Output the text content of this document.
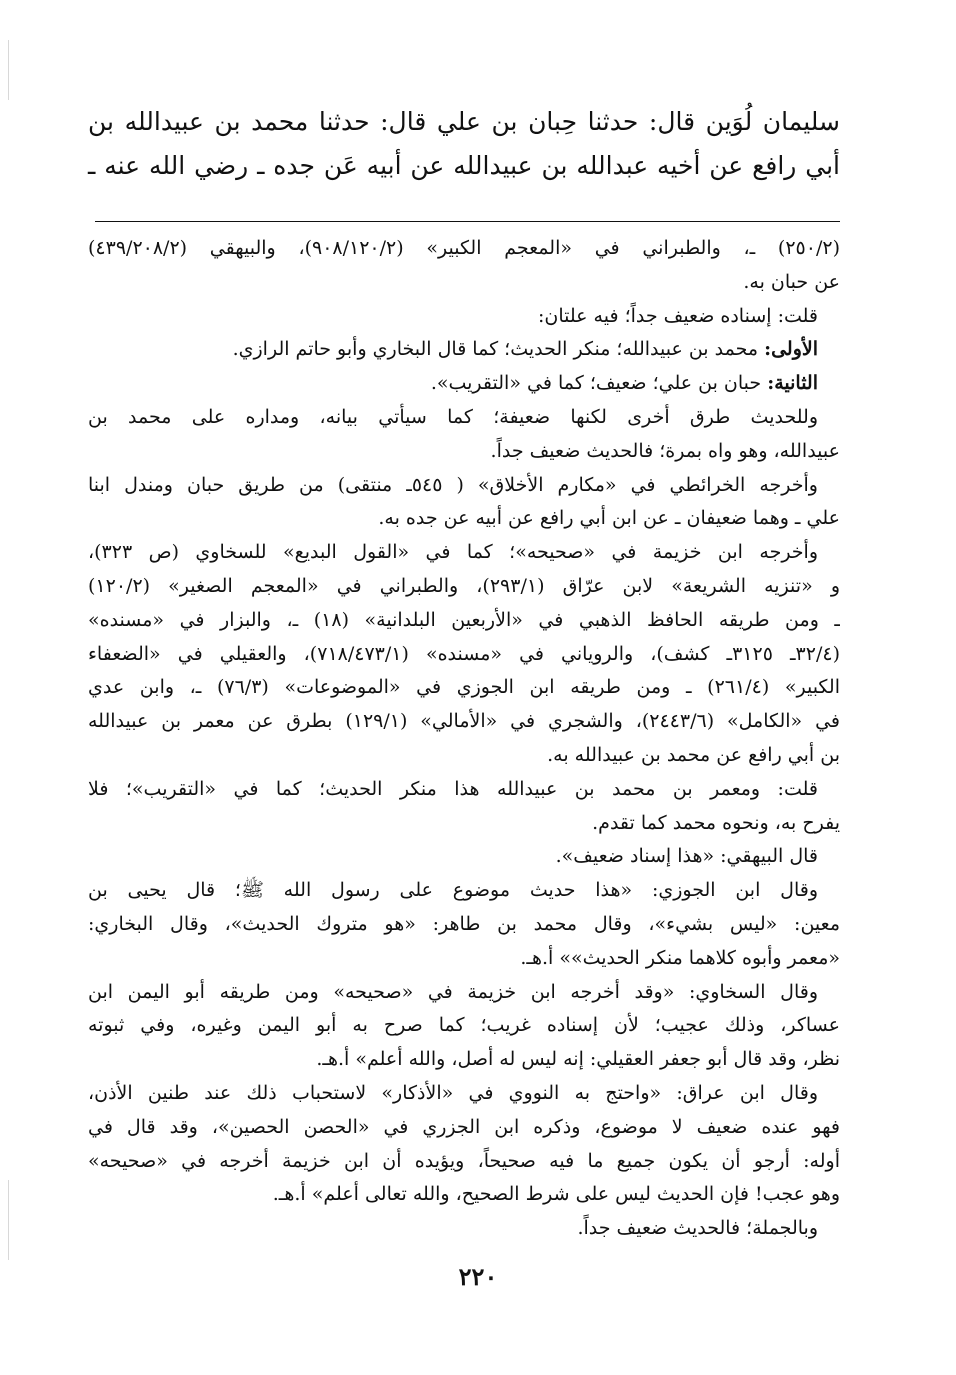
سليمان لُوَين قال: حدثنا حِبان بن علي قال: حدثنا محمد بن عبيدالله بن
أبي رافع عن أخيه عبدالله بن عبيدالله عن أبيه عَن جده ـ رضي الله عنه ـ
(٢٥٠/٢) ـ، والطبراني في «المعجم الكبير» (٩٠٨/١٢٠/٢)، والبيهقي (٤٣٩/٢٠٨/٢)
عن حبان به.
قلت: إسناده ضعيف جداً؛ فيه علتان:
الأولى: محمد بن عبيدالله؛ منكر الحديث؛ كما قال البخاري وأبو حاتم الرازي.
الثانية: حبان بن علي؛ ضعيف؛ كما في «التقريب».
وللحديث طرق أخرى لكنها ضعيفة؛ كما سيأتي بيانه، ومداره على محمد بن
عبيدالله، وهو واه بمرة؛ فالحديث ضعيف جداً.
وأخرجه الخرائطي في «مكارم الأخلاق» ( ٥٤٥ـ منتقى) من طريق حبان ومندل ابنا
علي ـ وهما ضعيفان ـ عن ابن أبي رافع عن أبيه عن جده به.
وأخرجه ابن خزيمة في «صحيحه»؛ كما في «القول البديع» للسخاوي (ص ٣٢٣)،
و «تنزيه الشريعة» لابن عرّاق (٢٩٣/١)، والطبراني في «المعجم الصغير» (١٢٠/٢)
ـ ومن طريقه الحافظ الذهبي في «الأربعين البلدانية» (١٨) ـ، والبزار في «مسنده»
(٣٢/٤ـ ٣١٢٥ـ كشف)، والروياني في «مسنده» (٧١٨/٤٧٣/١)، والعقيلي في «الضعفاء
الكبير» (٢٦١/٤) ـ ومن طريقه ابن الجوزي في «الموضوعات» (٧٦/٣) ـ، وابن عدي
في «الكامل» (٢٤٤٣/٦)، والشجري في «الأمالي» (١٢٩/١) بطرق عن معمر بن عبيدالله
بن أبي رافع عن محمد بن عبيدالله به.
قلت: ومعمر بن محمد بن عبيدالله هذا منكر الحديث؛ كما في «التقريب»؛ فلا
يفرح به، ونحوه محمد كما تقدم.
قال البيهقي: «هذا إسناد ضعيف».
وقال ابن الجوزي: «هذا حديث موضوع على رسول الله ﷺ؛ قال يحيى بن
معين: «ليس بشيء»، وقال محمد بن طاهر: «هو متروك الحديث»، وقال البخاري:
«معمر وأبوه كلاهما منكر الحديث»» أ.هـ.
وقال السخاوي: «وقد أخرجه ابن خزيمة في «صحيحه» ومن طريقه أبو اليمن ابن
عساكر، وذلك عجيب؛ لأن إسناده غريب؛ كما صرح به أبو اليمن وغيره، وفي ثبوته
نظر، وقد قال أبو جعفر العقيلي: إنه ليس له أصل، والله أعلم» أ.هـ.
وقال ابن عراق: «واحتج به النووي في «الأذكار» لاستحباب ذلك عند طنين الأذن،
فهو عنده ضعيف لا موضوع، وذكره ابن الجزري في «الحصن الحصين»، وقد قال في
أوله: أرجو أن يكون جميع ما فيه صحيحاً، ويؤيده أن ابن خزيمة أخرجه في «صحيحه»
وهو عجب! فإن الحديث ليس على شرط الصحيح، والله تعالى أعلم» أ.هـ.
وبالجملة؛ فالحديث ضعيف جداً.
٢٢٠
